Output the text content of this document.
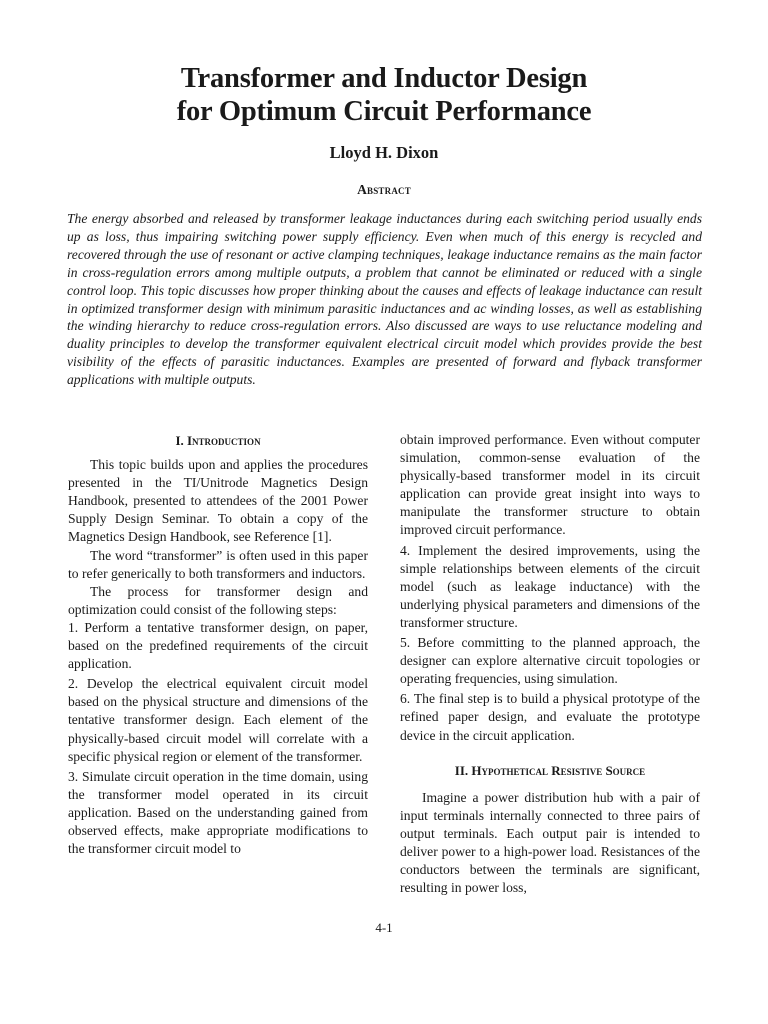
Transformer and Inductor Design
for Optimum Circuit Performance
Lloyd H. Dixon
Abstract

The energy absorbed and released by transformer leakage inductances during each switching period usually ends up as loss, thus impairing switching power supply efficiency. Even when much of this energy is recycled and recovered through the use of resonant or active clamping techniques, leakage inductance remains as the main factor in cross-regulation errors among multiple outputs, a problem that cannot be eliminated or reduced with a single control loop. This topic discusses how proper thinking about the causes and effects of leakage inductance can result in optimized transformer design with minimum parasitic inductances and ac winding losses, as well as establishing the winding hierarchy to reduce cross-regulation errors. Also discussed are ways to use reluctance modeling and duality principles to develop the transformer equivalent electrical circuit model which provides provide the best visibility of the effects of parasitic inductances. Examples are presented of forward and flyback transformer applications with multiple outputs.

I. Introduction

This topic builds upon and applies the procedures presented in the TI/Unitrode Magnetics Design Handbook, presented to attendees of the 2001 Power Supply Design Seminar. To obtain a copy of the Magnetics Design Handbook, see Reference [1].

The word “transformer” is often used in this paper to refer generically to both transformers and inductors.

The process for transformer design and optimization could consist of the following steps:

1. Perform a tentative transformer design, on paper, based on the predefined requirements of the circuit application.

2. Develop the electrical equivalent circuit model based on the physical structure and dimensions of the tentative transformer design. Each element of the physically-based circuit model will correlate with a specific physical region or element of the transformer.

3. Simulate circuit operation in the time domain, using the transformer model operated in its circuit application. Based on the understanding gained from observed effects, make appropriate modifications to the transformer circuit model to

obtain improved performance. Even without computer simulation, common-sense evaluation of the physically-based transformer model in its circuit application can provide great insight into ways to manipulate the transformer structure to obtain improved circuit performance.

4. Implement the desired improvements, using the simple relationships between elements of the circuit model (such as leakage inductance) with the underlying physical parameters and dimensions of the transformer structure.

5. Before committing to the planned approach, the designer can explore alternative circuit topologies or operating frequencies, using simulation.

6. The final step is to build a physical prototype of the refined paper design, and evaluate the prototype device in the circuit application.

II. Hypothetical Resistive Source

Imagine a power distribution hub with a pair of input terminals internally connected to three pairs of output terminals. Each output pair is intended to deliver power to a high-power load. Resistances of the conductors between the terminals are significant, resulting in power loss,

4-1
